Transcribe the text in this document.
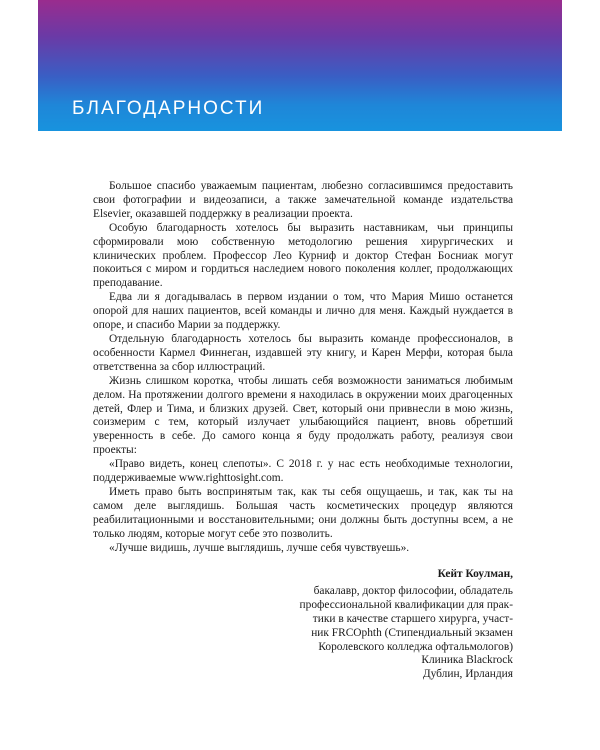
БЛАГОДАРНОСТИ

Большое спасибо уважаемым пациентам, любезно согласившимся предоставить свои фотографии и видеозаписи, а также замечательной команде издательства Elsevier, оказавшей поддержку в реализации проекта.

Особую благодарность хотелось бы выразить наставникам, чьи принципы сформировали мою собственную методологию решения хирургических и клинических проблем. Профессор Лео Курниф и доктор Стефан Босниак могут покоиться с миром и гордиться наследием нового поколения коллег, продолжающих преподавание.

Едва ли я догадывалась в первом издании о том, что Мария Мишо останется опорой для наших пациентов, всей команды и лично для меня. Каждый нуждается в опоре, и спасибо Марии за поддержку.

Отдельную благодарность хотелось бы выразить команде профессионалов, в особенности Кармел Финнеган, издавшей эту книгу, и Карен Мерфи, которая была ответственна за сбор иллюстраций.

Жизнь слишком коротка, чтобы лишать себя возможности заниматься любимым делом. На протяжении долгого времени я находилась в окружении моих драгоценных детей, Флер и Тима, и близких друзей. Свет, который они привнесли в мою жизнь, соизмерим с тем, который излучает улыбающийся пациент, вновь обретший уверенность в себе. До самого конца я буду продолжать работу, реализуя свои проекты:

«Право видеть, конец слепоты». С 2018 г. у нас есть необходимые технологии, поддерживаемые www.righttosight.com.

Иметь право быть воспринятым так, как ты себя ощущаешь, и так, как ты на самом деле выглядишь. Большая часть косметических процедур являются реабилитационными и восстановительными; они должны быть доступны всем, а не только людям, которые могут себе это позволить.

«Лучше видишь, лучше выглядишь, лучше себя чувствуешь».

Кейт Коулман,
бакалавр, доктор философии, обладатель
профессиональной квалификации для прак-
тики в качестве старшего хирурга, участ-
ник FRCOphth (Стипендиальный экзамен
Королевского колледжа офтальмологов)
Клиника Blackrock
Дублин, Ирландия
